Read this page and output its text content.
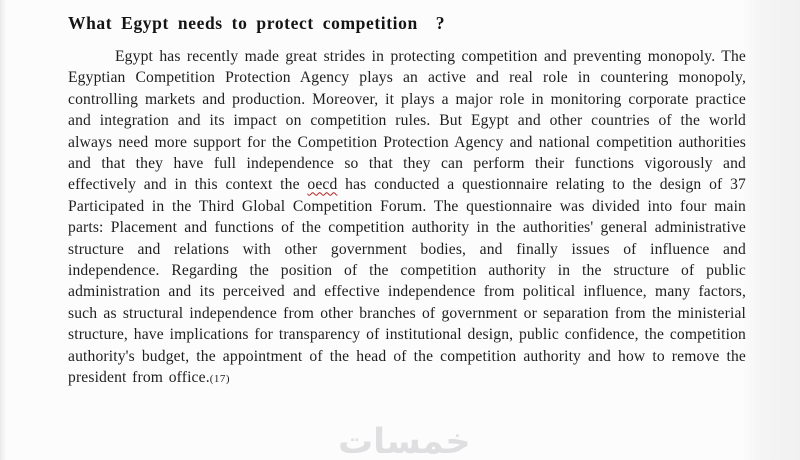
What Egypt needs to protect competition  ?

Egypt has recently made great strides in protecting competition and preventing monopoly. The Egyptian Competition Protection Agency plays an active and real role in countering monopoly, controlling markets and production. Moreover, it plays a major role in monitoring corporate practice and integration and its impact on competition rules. But Egypt and other countries of the world always need more support for the Competition Protection Agency and national competition authorities and that they have full independence so that they can perform their functions vigorously and effectively and in this context the oecd has conducted a questionnaire relating to the design of 37 Participated in the Third Global Competition Forum. The questionnaire was divided into four main parts: Placement and functions of the competition authority in the authorities' general administrative structure and relations with other government bodies, and finally issues of influence and independence. Regarding the position of the competition authority in the structure of public administration and its perceived and effective independence from political influence, many factors, such as structural independence from other branches of government or separation from the ministerial structure, have implications for transparency of institutional design, public confidence, the competition authority's budget, the appointment of the head of the competition authority and how to remove the president from office.(17)

خمسات
